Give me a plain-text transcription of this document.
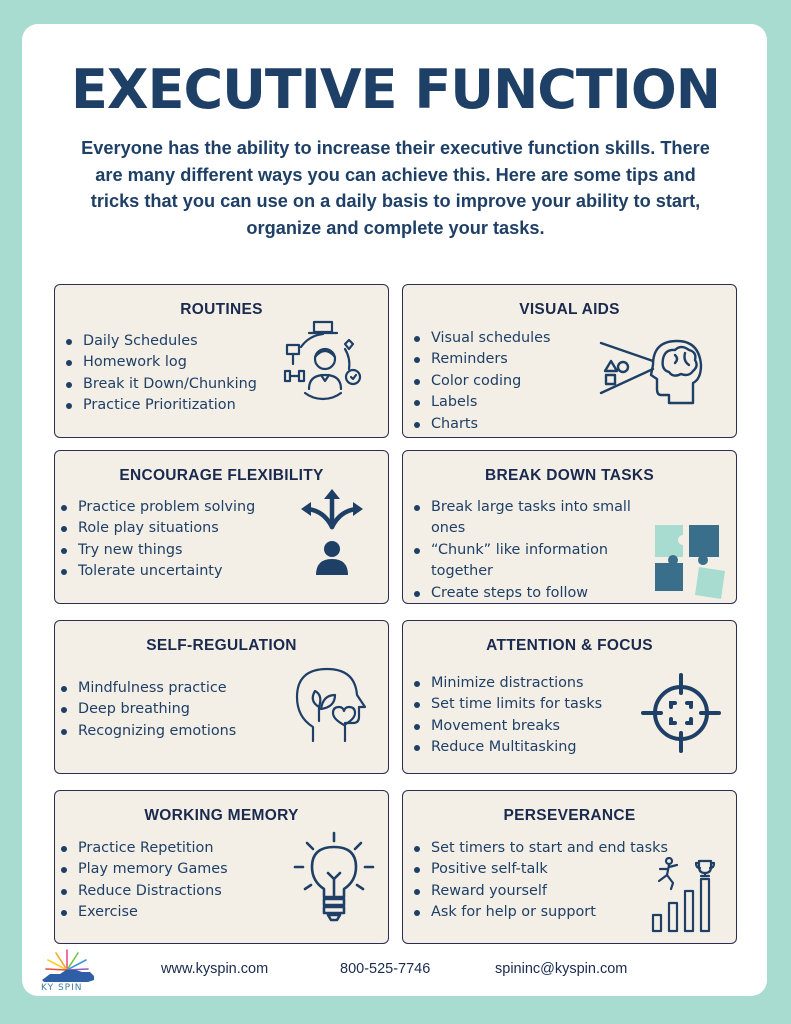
EXECUTIVE FUNCTION

Everyone has the ability to increase their executive function skills. There are many different ways you can achieve this. Here are some tips and tricks that you can use on a daily basis to improve your ability to start, organize and complete your tasks.

ROUTINES
Daily Schedules
Homework log
Break it Down/Chunking
Practice Prioritization
VISUAL AIDS
Visual schedules
Reminders
Color coding
Labels
Charts
ENCOURAGE FLEXIBILITY
Practice problem solving
Role play situations
Try new things
Tolerate uncertainty
BREAK DOWN TASKS
Break large tasks into small ones
“Chunk” like information together
Create steps to follow
SELF-REGULATION
Mindfulness practice
Deep breathing
Recognizing emotions
ATTENTION & FOCUS
Minimize distractions
Set time limits for tasks
Movement breaks
Reduce Multitasking
WORKING MEMORY
Practice Repetition
Play memory Games
Reduce Distractions
Exercise
PERSEVERANCE
Set timers to start and end tasks
Positive self-talk
Reward yourself
Ask for help or support
KY SPIN
www.kyspin.com	800-525-7746	spininc@kyspin.com
